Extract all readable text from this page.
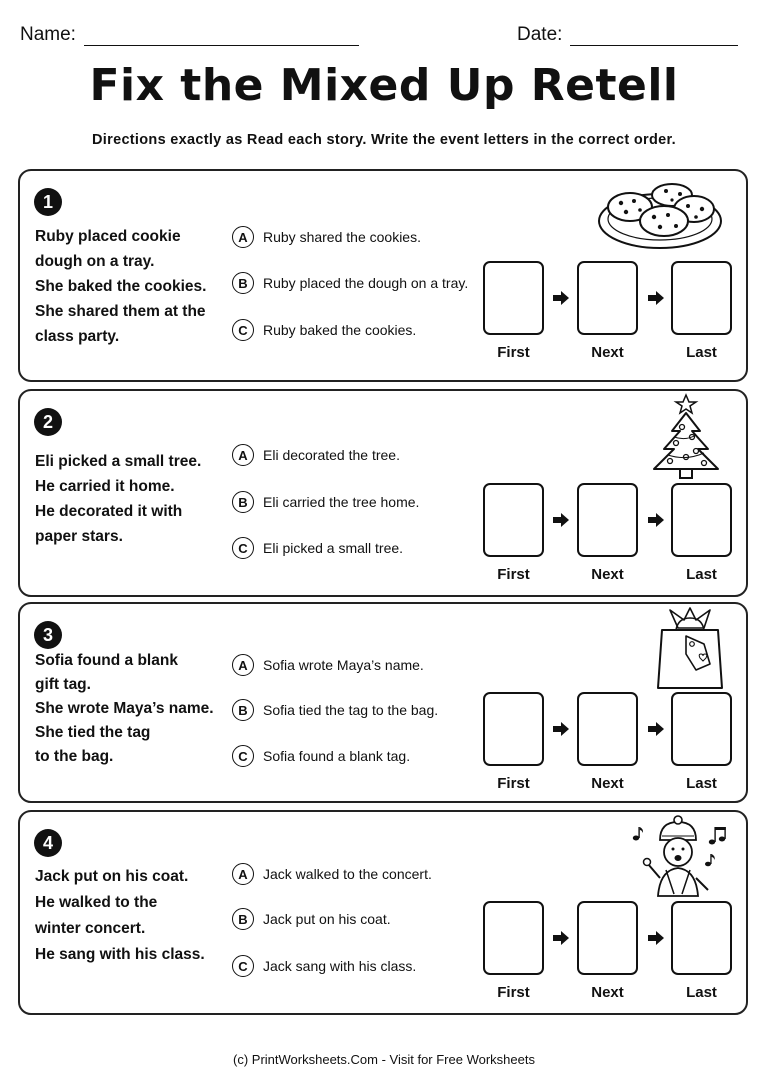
Name:	Date:
Fix the Mixed Up Retell
Directions exactly as Read each story. Write the event letters in the correct order.
1
Ruby placed cookie
dough on a tray.
She baked the cookies.
She shared them at the
class party.
A	Ruby shared the cookies.
B	Ruby placed the dough on a tray.
C	Ruby baked the cookies.
First	Next	Last
2
Eli picked a small tree.
He carried it home.
He decorated it with
paper stars.
A	Eli decorated the tree.
B	Eli carried the tree home.
C	Eli picked a small tree.
First	Next	Last
3
Sofia found a blank
gift tag.
She wrote Maya’s name.
She tied the tag
to the bag.
A	Sofia wrote Maya’s name.
B	Sofia tied the tag to the bag.
C	Sofia found a blank tag.
First	Next	Last
4
Jack put on his coat.
He walked to the
winter concert.
He sang with his class.
A	Jack walked to the concert.
B	Jack put on his coat.
C	Jack sang with his class.
First	Next	Last
(c) PrintWorksheets.Com - Visit for Free Worksheets
